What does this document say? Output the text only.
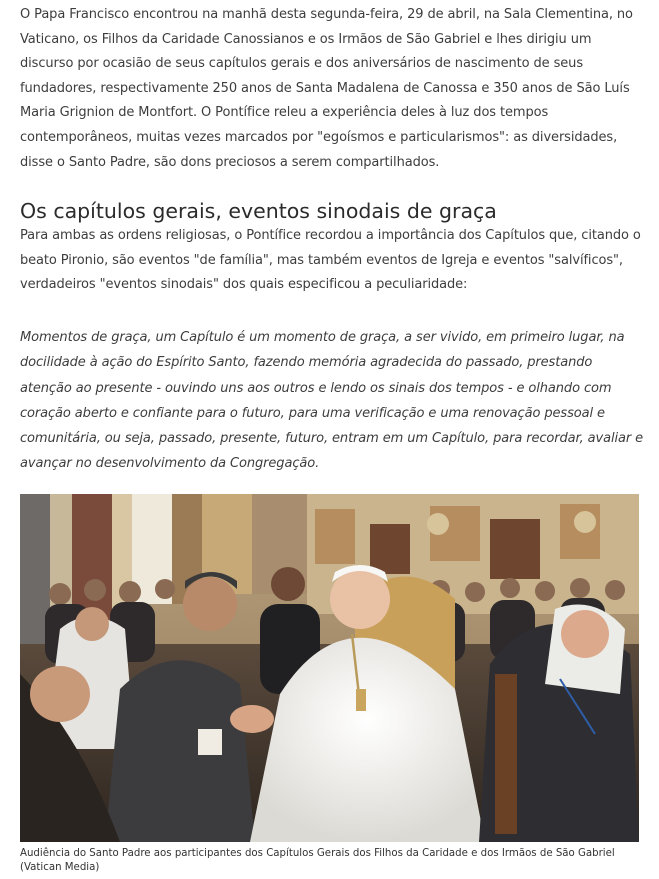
O Papa Francisco encontrou na manhã desta segunda-feira, 29 de abril, na Sala Clementina, no Vaticano, os Filhos da Caridade Canossianos e os Irmãos de São Gabriel e lhes dirigiu um discurso por ocasião de seus capítulos gerais e dos aniversários de nascimento de seus fundadores, respectivamente 250 anos de Santa Madalena de Canossa e 350 anos de São Luís Maria Grignion de Montfort. O Pontífice releu a experiência deles à luz dos tempos contemporâneos, muitas vezes marcados por "egoísmos e particularismos": as diversidades, disse o Santo Padre, são dons preciosos a serem compartilhados.

Os capítulos gerais, eventos sinodais de graça

Para ambas as ordens religiosas, o Pontífice recordou a importância dos Capítulos que, citando o beato Pironio, são eventos "de família", mas também eventos de Igreja e eventos "salvíficos", verdadeiros "eventos sinodais" dos quais especificou a peculiaridade:

Momentos de graça, um Capítulo é um momento de graça, a ser vivido, em primeiro lugar, na docilidade à ação do Espírito Santo, fazendo memória agradecida do passado, prestando atenção ao presente - ouvindo uns aos outros e lendo os sinais dos tempos - e olhando com coração aberto e confiante para o futuro, para uma verificação e uma renovação pessoal e comunitária, ou seja, passado, presente, futuro, entram em um Capítulo, para recordar, avaliar e avançar no desenvolvimento da Congregação.

Audiência do Santo Padre aos participantes dos Capítulos Gerais dos Filhos da Caridade e dos Irmãos de São Gabriel (Vatican Media)
